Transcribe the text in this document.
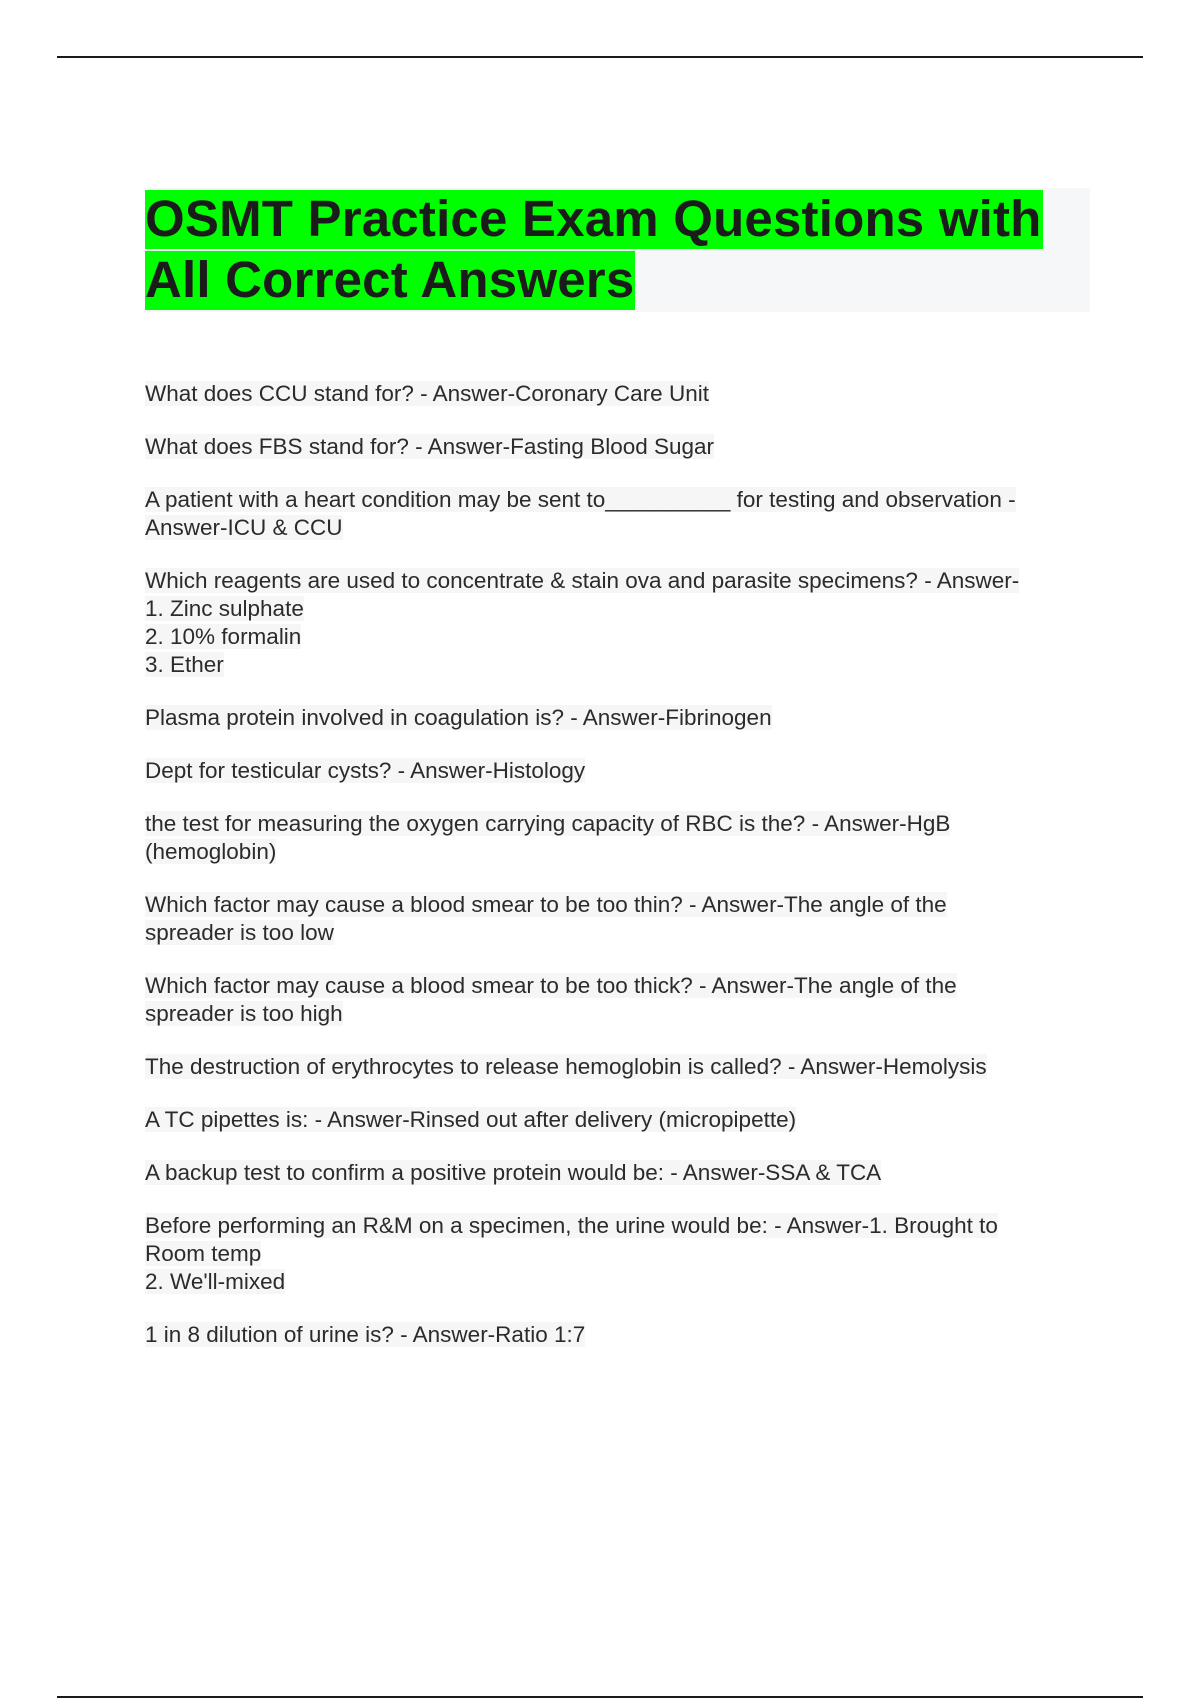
OSMT Practice Exam Questions with
All Correct Answers

What does CCU stand for? - Answer-Coronary Care Unit

What does FBS stand for? - Answer-Fasting Blood Sugar

A patient with a heart condition may be sent to__________ for testing and observation -
Answer-ICU & CCU

Which reagents are used to concentrate & stain ova and parasite specimens? - Answer-
1. Zinc sulphate
2. 10% formalin
3. Ether

Plasma protein involved in coagulation is? - Answer-Fibrinogen

Dept for testicular cysts? - Answer-Histology

the test for measuring the oxygen carrying capacity of RBC is the? - Answer-HgB
(hemoglobin)

Which factor may cause a blood smear to be too thin? - Answer-The angle of the
spreader is too low

Which factor may cause a blood smear to be too thick? - Answer-The angle of the
spreader is too high

The destruction of erythrocytes to release hemoglobin is called? - Answer-Hemolysis

A TC pipettes is: - Answer-Rinsed out after delivery (micropipette)

A backup test to confirm a positive protein would be: - Answer-SSA & TCA

Before performing an R&M on a specimen, the urine would be: - Answer-1. Brought to
Room temp
2. We'll-mixed

1 in 8 dilution of urine is? - Answer-Ratio 1:7
